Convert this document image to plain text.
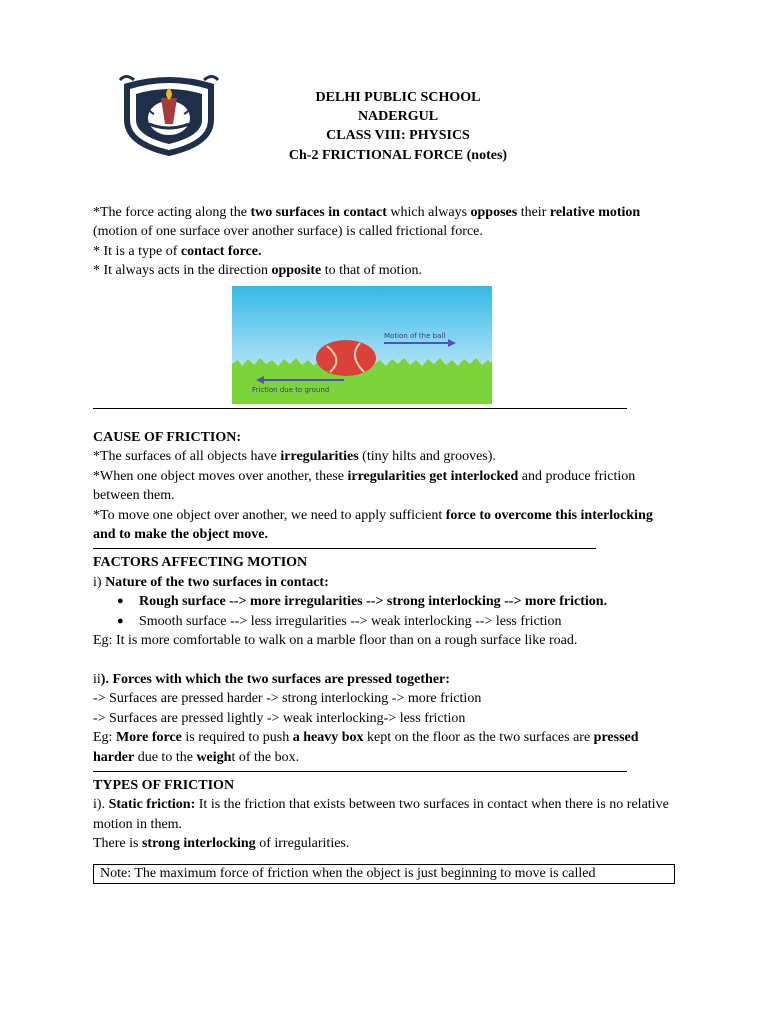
DELHI PUBLIC SCHOOL
NADERGUL
CLASS VIII: PHYSICS
Ch-2 FRICTIONAL FORCE (notes)

*The force acting along the two surfaces in contact which always opposes their relative motion (motion of one surface over another surface) is called frictional force.

* It is a type of contact force.

* It always acts in the direction opposite to that of motion.

Motion of the ball
Friction due to ground

CAUSE OF FRICTION:

*The surfaces of all objects have irregularities (tiny hilts and grooves).

*When one object moves over another, these irregularities get interlocked and produce friction between them.

*To move one object over another, we need to apply sufficient force to overcome this interlocking and to make the object move.

FACTORS AFFECTING MOTION

i) Nature of the two surfaces in contact:

● Rough surface --> more irregularities --> strong interlocking --> more friction.
● Smooth surface --> less irregularities --> weak interlocking --> less friction

Eg: It is more comfortable to walk on a marble floor than on a rough surface like road.

ii). Forces with which the two surfaces are pressed together:

-> Surfaces are pressed harder -> strong interlocking -> more friction

-> Surfaces are pressed lightly -> weak interlocking-> less friction

Eg: More force is required to push a heavy box kept on the floor as the two surfaces are pressed harder due to the weight of the box.

TYPES OF FRICTION

i). Static friction: It is the friction that exists between two surfaces in contact when there is no relative motion in them.

There is strong interlocking of irregularities.

Note: The maximum force of friction when the object is just beginning to move is called
